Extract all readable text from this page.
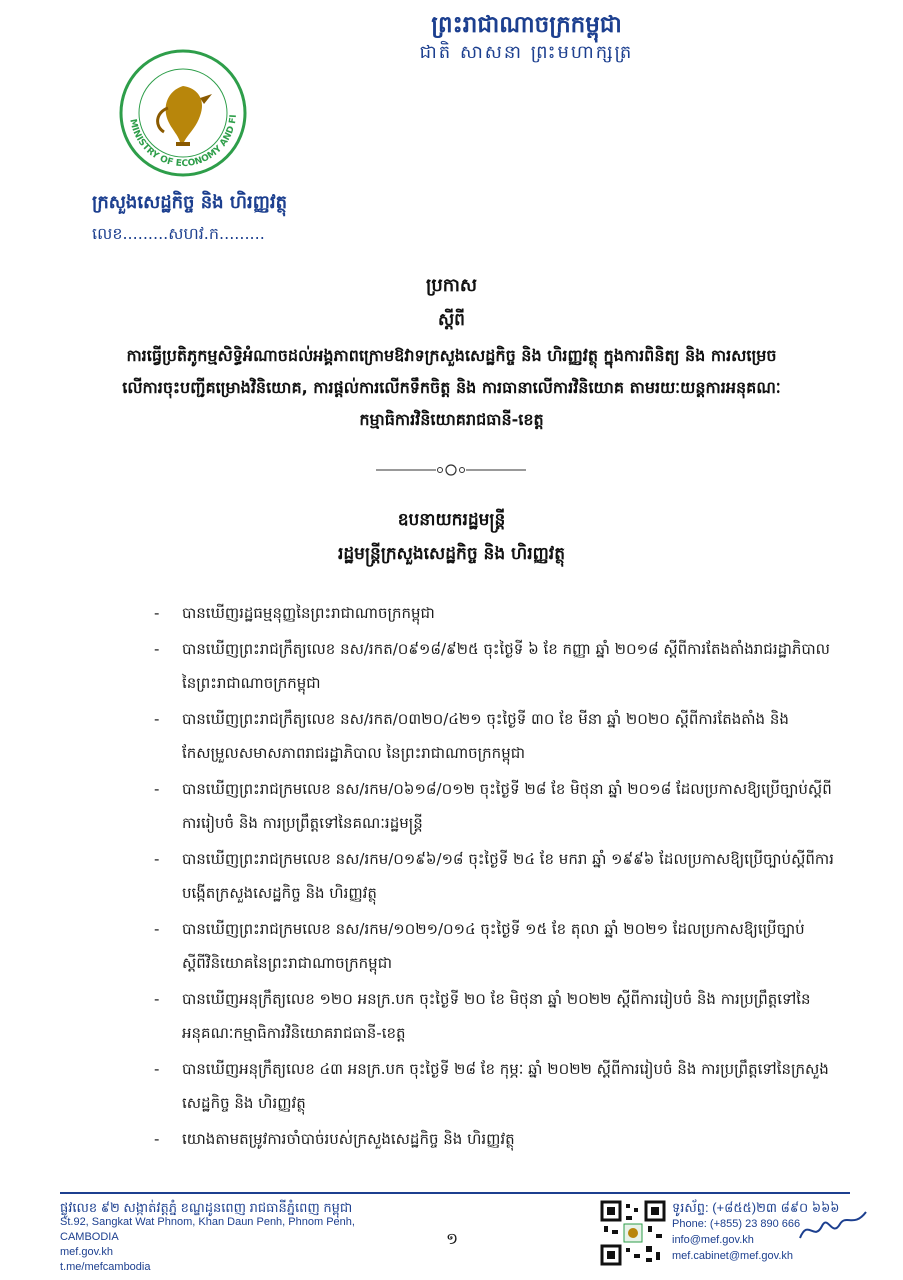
ព្រះរាជាណាចក្រកម្ពុជា
ជាតិ សាសនា ព្រះមហាក្សត្រ
MINISTRY OF ECONOMY AND FI
ក្រសួងសេដ្ឋកិច្ច និង ហិរញ្ញវត្ថុ
លេខ.........សហវ.ក.........
ប្រកាស
ស្តីពី
ការធ្វើប្រតិភូកម្មសិទ្ធិអំណាចដល់អង្គភាពក្រោមឱវាទក្រសួងសេដ្ឋកិច្ច និង ហិរញ្ញវត្ថុ ក្នុងការពិនិត្យ និង ការសម្រេចលើការចុះបញ្ជីគម្រោងវិនិយោគ, ការផ្តល់ការលើកទឹកចិត្ត និង ការធានាលើការវិនិយោគ តាមរយៈយន្តការអនុគណៈកម្មាធិការវិនិយោគរាជធានី-ខេត្ត
ឧបនាយករដ្ឋមន្ត្រី
រដ្ឋមន្ត្រីក្រសួងសេដ្ឋកិច្ច និង ហិរញ្ញវត្ថុ
- បានឃើញរដ្ឋធម្មនុញ្ញនៃព្រះរាជាណាចក្រកម្ពុជា
- បានឃើញព្រះរាជក្រឹត្យលេខ នស/រកត/០៩១៨/៩២៥ ចុះថ្ងៃទី ៦ ខែ កញ្ញា ឆ្នាំ ២០១៨ ស្តីពីការតែងតាំងរាជរដ្ឋាភិបាលនៃព្រះរាជាណាចក្រកម្ពុជា
- បានឃើញព្រះរាជក្រឹត្យលេខ នស/រកត/០៣២០/៤២១ ចុះថ្ងៃទី ៣០ ខែ មីនា ឆ្នាំ ២០២០ ស្តីពីការតែងតាំង និង កែសម្រួលសមាសភាពរាជរដ្ឋាភិបាល នៃព្រះរាជាណាចក្រកម្ពុជា
- បានឃើញព្រះរាជក្រមលេខ នស/រកម/០៦១៨/០១២ ចុះថ្ងៃទី ២៨ ខែ មិថុនា ឆ្នាំ ២០១៨ ដែលប្រកាសឱ្យប្រើច្បាប់ស្តីពីការរៀបចំ និង ការប្រព្រឹត្តទៅនៃគណៈរដ្ឋមន្ត្រី
- បានឃើញព្រះរាជក្រមលេខ នស/រកម/០១៩៦/១៨ ចុះថ្ងៃទី ២៤ ខែ មករា ឆ្នាំ ១៩៩៦ ដែលប្រកាសឱ្យប្រើច្បាប់ស្តីពីការបង្កើតក្រសួងសេដ្ឋកិច្ច និង ហិរញ្ញវត្ថុ
- បានឃើញព្រះរាជក្រមលេខ នស/រកម/១០២១/០១៤ ចុះថ្ងៃទី ១៥ ខែ តុលា ឆ្នាំ ២០២១ ដែលប្រកាសឱ្យប្រើច្បាប់ស្តីពីវិនិយោគនៃព្រះរាជាណាចក្រកម្ពុជា
- បានឃើញអនុក្រឹត្យលេខ ១២០ អនក្រ.បក ចុះថ្ងៃទី ២០ ខែ មិថុនា ឆ្នាំ ២០២២ ស្តីពីការរៀបចំ និង ការប្រព្រឹត្តទៅនៃអនុគណៈកម្មាធិការវិនិយោគរាជធានី-ខេត្ត
- បានឃើញអនុក្រឹត្យលេខ ៤៣ អនក្រ.បក ចុះថ្ងៃទី ២៨ ខែ កុម្ភៈ ឆ្នាំ ២០២២ ស្តីពីការរៀបចំ និង ការប្រព្រឹត្តទៅនៃក្រសួងសេដ្ឋកិច្ច និង ហិរញ្ញវត្ថុ
- យោងតាមតម្រូវការចាំបាច់របស់ក្រសួងសេដ្ឋកិច្ច និង ហិរញ្ញវត្ថុ
ផ្លូវលេខ ៩២ សង្កាត់វត្តភ្នំ ខណ្ឌដូនពេញ រាជធានីភ្នំពេញ កម្ពុជា
St.92, Sangkat Wat Phnom, Khan Daun Penh, Phnom Penh, CAMBODIA
mef.gov.kh
t.me/mefcambodia
១
ទូរស័ព្ទ: (+៨៥៥)២៣ ៨៩០ ៦៦៦
Phone: (+855) 23 890 666
info@mef.gov.kh
mef.cabinet@mef.gov.kh
